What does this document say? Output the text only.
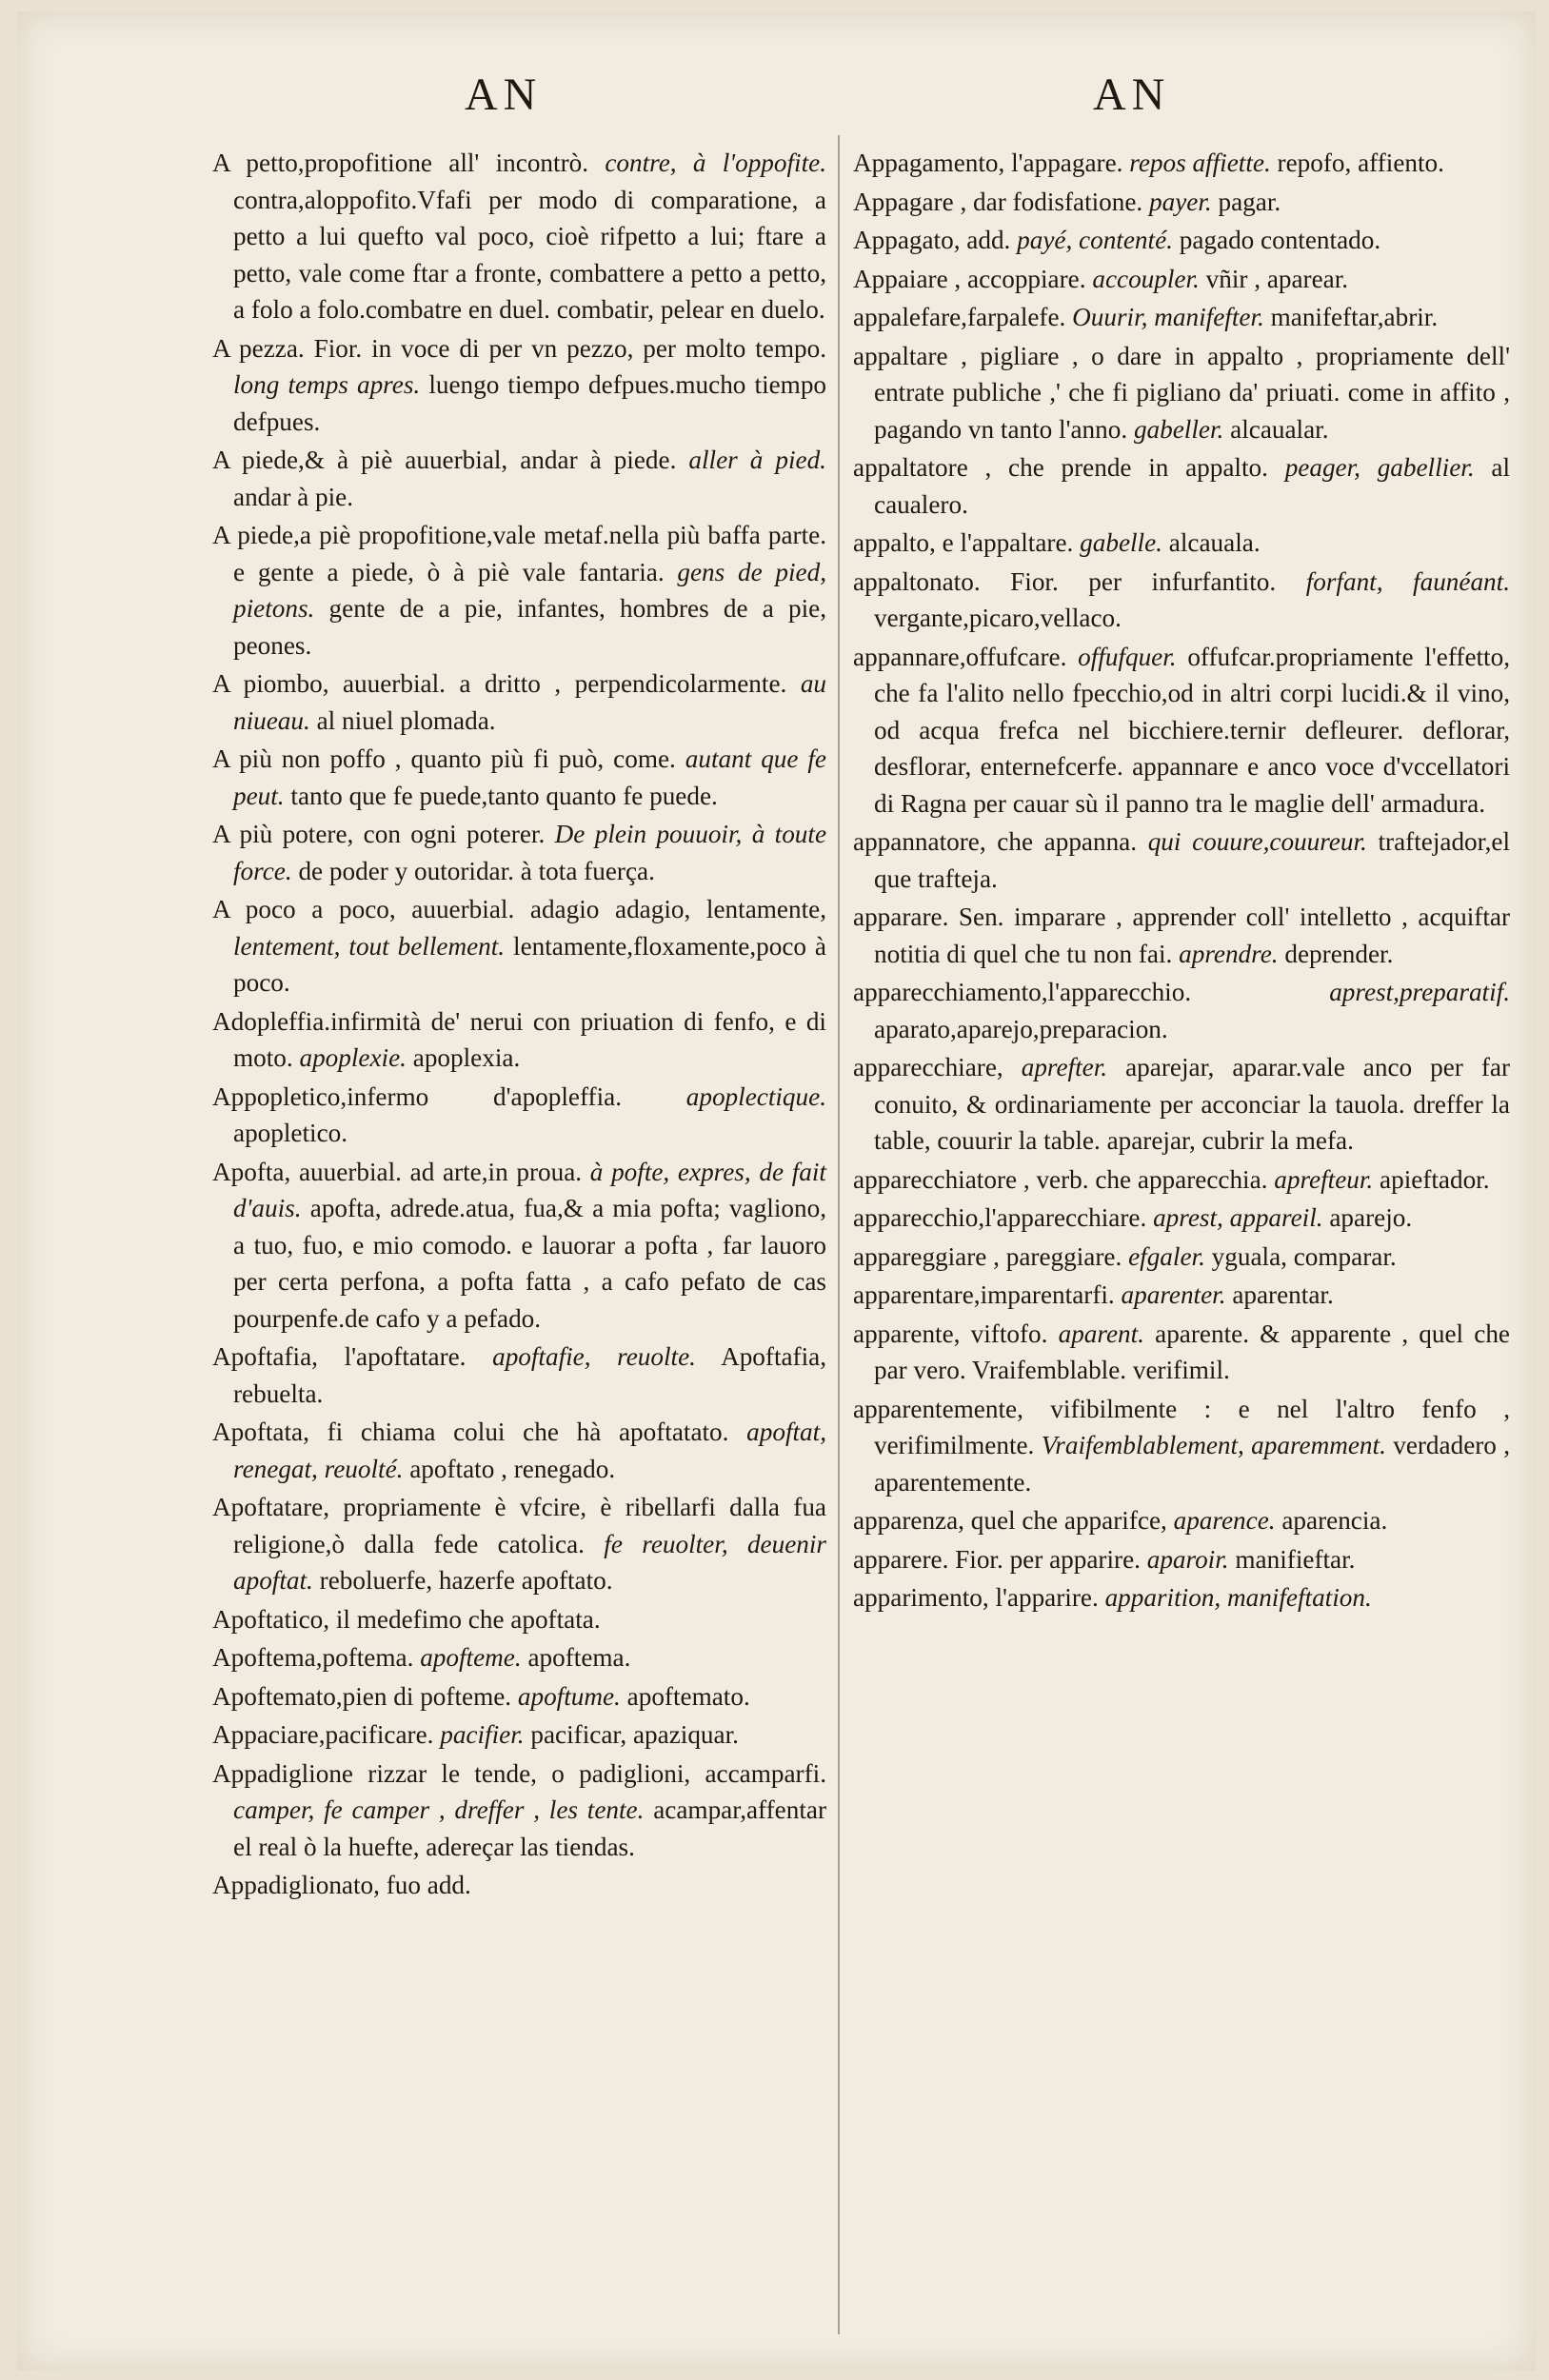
AN	AN
A petto,propofitione all' incontrò. contre, à l'oppofite. contra,aloppofito.Vfafi per modo di comparatione, a petto a lui quefto val poco, cioè rifpetto a lui; ftare a petto, vale come ftar a fronte, combattere a petto a petto, a folo a folo.combatre en duel. combatir, pelear en duelo.
A pezza. Fior. in voce di per vn pezzo, per molto tempo. long temps apres. luengo tiempo defpues.mucho tiempo defpues.
A piede,& à piè auuerbial, andar à piede. aller à pied. andar à pie.
A piede,a piè propofitione,vale metaf.nella più baffa parte. e gente a piede, ò à piè vale fantaria. gens de pied, pietons. gente de a pie, infantes, hombres de a pie, peones.
A piombo, auuerbial. a dritto , perpendicolarmente. au niueau. al niuel plomada.
A più non poffo , quanto più fi può, come. autant que fe peut. tanto que fe puede,tanto quanto fe puede.
A più potere, con ogni poterer. De plein pouuoir, à toute force. de poder y outoridar. à tota fuerça.
A poco a poco, auuerbial. adagio adagio, lentamente, lentement, tout bellement. lentamente,floxamente,poco à poco.
Adopleffia.infirmità de' nerui con priuation di fenfo, e di moto. apoplexie. apoplexia.
Appopletico,infermo d'apopleffia. apoplectique. apopletico.
Apofta, auuerbial. ad arte,in proua. à pofte, expres, de fait d'auis. apofta, adrede.atua, fua,& a mia pofta; vagliono, a tuo, fuo, e mio comodo. e lauorar a pofta , far lauoro per certa perfona, a pofta fatta , a cafo pefato de cas pourpenfe.de cafo y a pefado.
Apoftafia, l'apoftatare. apoftafie, reuolte. Apoftafia, rebuelta.
Apoftata, fi chiama colui che hà apoftatato. apoftat, renegat, reuolté. apoftato , renegado.
Apoftatare, propriamente è vfcire, è ribellarfi dalla fua religione,ò dalla fede catolica. fe reuolter, deuenir apoftat. reboluerfe, hazerfe apoftato.
Apoftatico, il medefimo che apoftata.
Apoftema,poftema. apofteme. apoftema.
Apoftemato,pien di pofteme. apoftume. apoftemato.
Appaciare,pacificare. pacifier. pacificar, apaziquar.
Appadiglione rizzar le tende, o padiglioni, accamparfi. camper, fe camper , dreffer , les tente. acampar,affentar el real ò la huefte, adereçar las tiendas.
Appadiglionato, fuo add.
Appagamento, l'appagare. repos affiette. repofo, affiento.
Appagare , dar fodisfatione. payer. pagar.
Appagato, add. payé, contenté. pagado contentado.
Appaiare , accoppiare. accoupler. vñir , aparear.
appalefare,farpalefe. Ouurir, manifefter. manifeftar,abrir.
appaltare , pigliare , o dare in appalto , propriamente dell' entrate publiche ,' che fi pigliano da' priuati. come in affito , pagando vn tanto l'anno. gabeller. alcaualar.
appaltatore , che prende in appalto. peager, gabellier. al caualero.
appalto, e l'appaltare. gabelle. alcauala.
appaltonato. Fior. per infurfantito. forfant, faunéant. vergante,picaro,vellaco.
appannare,offufcare. offufquer. offufcar.propriamente l'effetto, che fa l'alito nello fpecchio,od in altri corpi lucidi.& il vino, od acqua frefca nel bicchiere.ternir defleurer. deflorar, desflorar, enternefcerfe. appannare e anco voce d'vccellatori di Ragna per cauar sù il panno tra le maglie dell' armadura.
appannatore, che appanna. qui couure,couureur. traftejador,el que trafteja.
apparare. Sen. imparare , apprender coll' intelletto , acquiftar notitia di quel che tu non fai. aprendre. deprender.
apparecchiamento,l'apparecchio.	aprest,preparatif. aparato,aparejo,preparacion.
apparecchiare, aprefter. aparejar, aparar.vale anco per far conuito, & ordinariamente per acconciar la tauola. dreffer la table, couurir la table. aparejar, cubrir la mefa.
apparecchiatore , verb. che apparecchia. aprefteur. apieftador.
apparecchio,l'apparecchiare. aprest, appareil. aparejo.
appareggiare , pareggiare. efgaler. yguala, comparar.
apparentare,imparentarfi. aparenter. aparentar.
apparente, viftofo. aparent. aparente. & apparente , quel che par vero. Vraifemblable. verifimil.
apparentemente, vifibilmente : e nel l'altro fenfo , verifimilmente. Vraifemblablement, aparemment. verdadero , aparentemente.
apparenza, quel che apparifce, aparence. aparencia.
apparere. Fior. per apparire. aparoir. manifieftar.
apparimento, l'apparire. apparition, manifeftation.
